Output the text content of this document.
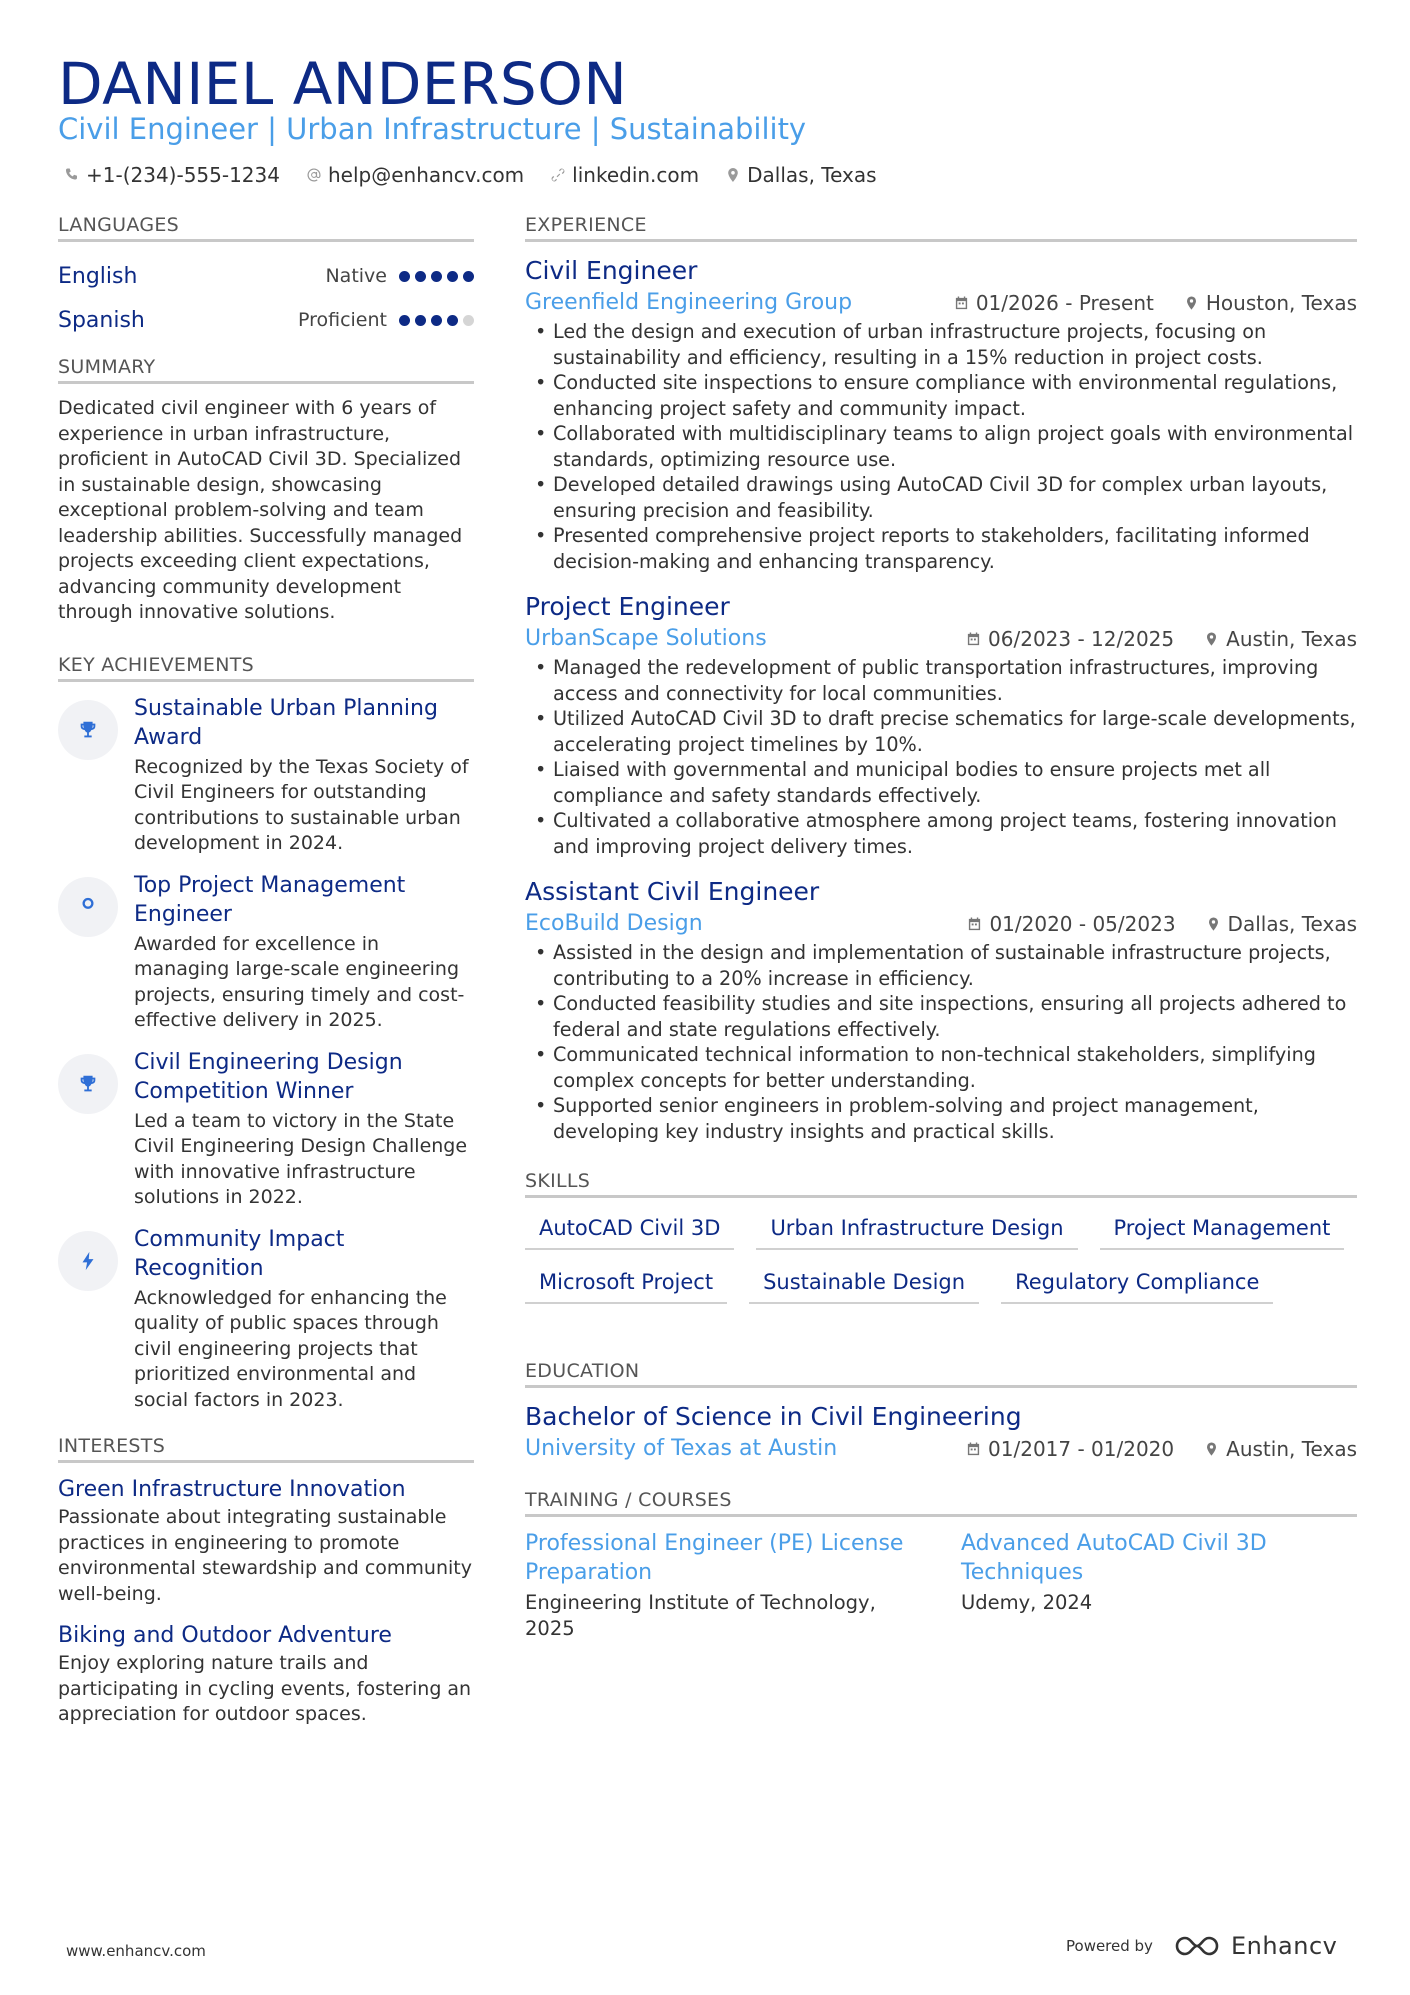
DANIEL ANDERSON
Civil Engineer | Urban Infrastructure | Sustainability
+1-(234)-555-1234 help@enhancv.com linkedin.com Dallas, Texas
LANGUAGES
English	Native
Spanish	Proficient
SUMMARY

Dedicated civil engineer with 6 years of experience in urban infrastructure, proficient in AutoCAD Civil 3D. Specialized in sustainable design, showcasing exceptional problem-solving and team leadership abilities. Successfully managed projects exceeding client expectations, advancing community development through innovative solutions.

KEY ACHIEVEMENTS
Sustainable Urban Planning Award
Recognized by the Texas Society of Civil Engineers for outstanding contributions to sustainable urban development in 2024.
Top Project Management Engineer
Awarded for excellence in managing large-scale engineering projects, ensuring timely and cost-effective delivery in 2025.
Civil Engineering Design Competition Winner
Led a team to victory in the State Civil Engineering Design Challenge with innovative infrastructure solutions in 2022.
Community Impact Recognition
Acknowledged for enhancing the quality of public spaces through civil engineering projects that prioritized environmental and social factors in 2023.
INTERESTS
Green Infrastructure Innovation
Passionate about integrating sustainable practices in engineering to promote environmental stewardship and community well-being.
Biking and Outdoor Adventure
Enjoy exploring nature trails and participating in cycling events, fostering an appreciation for outdoor spaces.
EXPERIENCE
Civil Engineer
Greenfield Engineering Group	01/2026 - Present	Houston, Texas
• Led the design and execution of urban infrastructure projects, focusing on sustainability and efficiency, resulting in a 15% reduction in project costs.
• Conducted site inspections to ensure compliance with environmental regulations, enhancing project safety and community impact.
• Collaborated with multidisciplinary teams to align project goals with environmental standards, optimizing resource use.
• Developed detailed drawings using AutoCAD Civil 3D for complex urban layouts, ensuring precision and feasibility.
• Presented comprehensive project reports to stakeholders, facilitating informed decision-making and enhancing transparency.
Project Engineer
UrbanScape Solutions	06/2023 - 12/2025	Austin, Texas
• Managed the redevelopment of public transportation infrastructures, improving access and connectivity for local communities.
• Utilized AutoCAD Civil 3D to draft precise schematics for large-scale developments, accelerating project timelines by 10%.
• Liaised with governmental and municipal bodies to ensure projects met all compliance and safety standards effectively.
• Cultivated a collaborative atmosphere among project teams, fostering innovation and improving project delivery times.
Assistant Civil Engineer
EcoBuild Design	01/2020 - 05/2023	Dallas, Texas
• Assisted in the design and implementation of sustainable infrastructure projects, contributing to a 20% increase in efficiency.
• Conducted feasibility studies and site inspections, ensuring all projects adhered to federal and state regulations effectively.
• Communicated technical information to non-technical stakeholders, simplifying complex concepts for better understanding.
• Supported senior engineers in problem-solving and project management, developing key industry insights and practical skills.
SKILLS
AutoCAD Civil 3D	Urban Infrastructure Design	Project Management
Microsoft Project	Sustainable Design	Regulatory Compliance
EDUCATION
Bachelor of Science in Civil Engineering
University of Texas at Austin	01/2017 - 01/2020	Austin, Texas
TRAINING / COURSES
Professional Engineer (PE) License Preparation
Engineering Institute of Technology, 2025
Advanced AutoCAD Civil 3D Techniques
Udemy, 2024
www.enhancv.com	Powered by	Enhancv
